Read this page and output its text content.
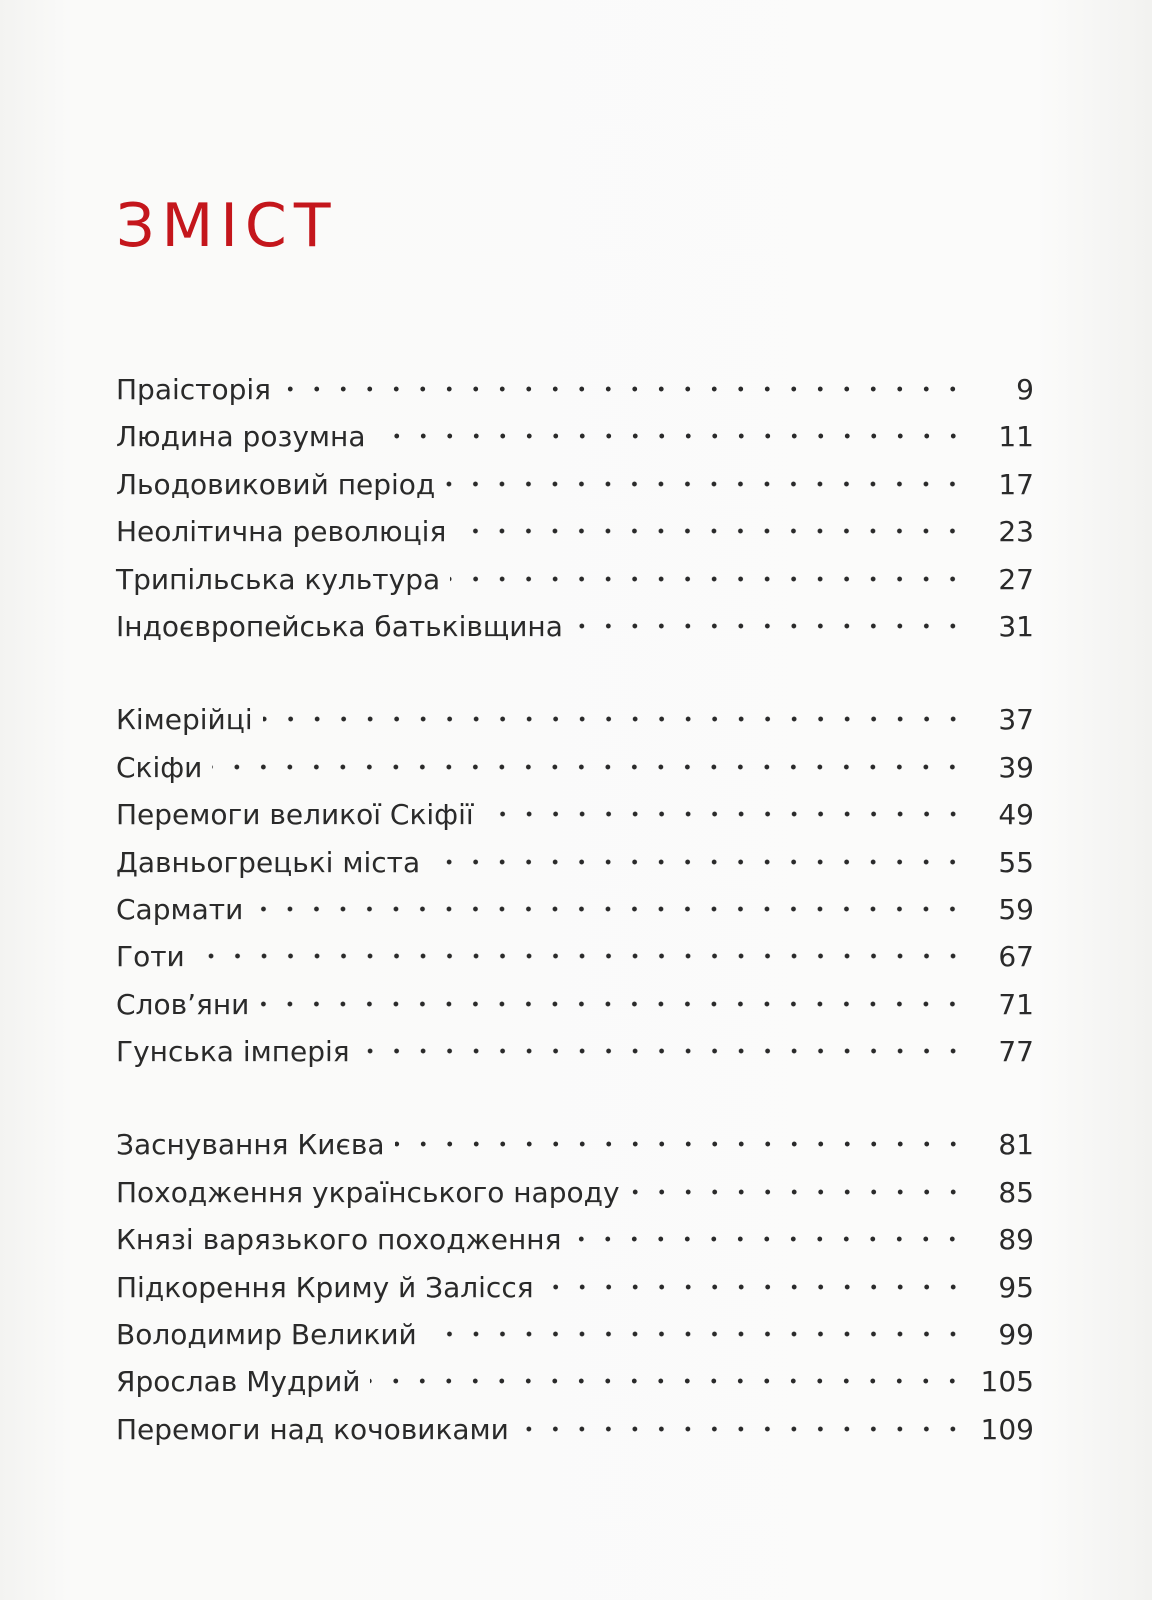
ЗМІСТ
Праісторія	9
Людина розумна	11
Льодовиковий період	17
Неолітична революція	23
Трипільська культура	27
Індоєвропейська батьківщина	31
Кімерійці	37
Скіфи	39
Перемоги великої Скіфії	49
Давньогрецькі міста	55
Сармати	59
Готи	67
Слов’яни	71
Гунська імперія	77
Заснування Києва	81
Походження українського народу	85
Князі варязького походження	89
Підкорення Криму й Залісся	95
Володимир Великий	99
Ярослав Мудрий	105
Перемоги над кочовиками	109
